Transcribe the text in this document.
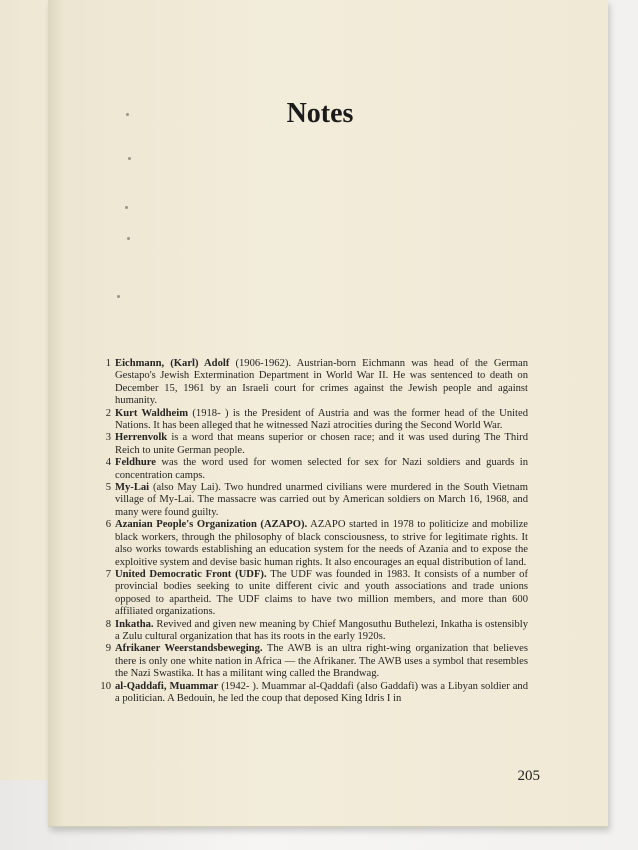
Notes
1 Eichmann, (Karl) Adolf (1906-1962). Austrian-born Eichmann was head of the German Gestapo's Jewish Extermination Department in World War II. He was sentenced to death on December 15, 1961 by an Israeli court for crimes against the Jewish people and against humanity.
2 Kurt Waldheim (1918- ) is the President of Austria and was the former head of the United Nations. It has been alleged that he witnessed Nazi atrocities during the Second World War.
3 Herrenvolk is a word that means superior or chosen race; and it was used during The Third Reich to unite German people.
4 Feldhure was the word used for women selected for sex for Nazi soldiers and guards in concentration camps.
5 My-Lai (also May Lai). Two hundred unarmed civilians were murdered in the South Vietnam village of My-Lai. The massacre was carried out by American soldiers on March 16, 1968, and many were found guilty.
6 Azanian People's Organization (AZAPO). AZAPO started in 1978 to politicize and mobilize black workers, through the philosophy of black consciousness, to strive for legitimate rights. It also works towards establishing an education system for the needs of Azania and to expose the exploitive system and devise basic human rights. It also encourages an equal distribution of land.
7 United Democratic Front (UDF). The UDF was founded in 1983. It consists of a number of provincial bodies seeking to unite different civic and youth associations and trade unions opposed to apartheid. The UDF claims to have two million members, and more than 600 affiliated organizations.
8 Inkatha. Revived and given new meaning by Chief Mangosuthu Buthelezi, Inkatha is ostensibly a Zulu cultural organization that has its roots in the early 1920s.
9 Afrikaner Weerstandsbeweging. The AWB is an ultra right-wing organization that believes there is only one white nation in Africa — the Afrikaner. The AWB uses a symbol that resembles the Nazi Swastika. It has a militant wing called the Brandwag.
10 al-Qaddafi, Muammar (1942- ). Muammar al-Qaddafi (also Gaddafi) was a Libyan soldier and a politician. A Bedouin, he led the coup that deposed King Idris I in
205
